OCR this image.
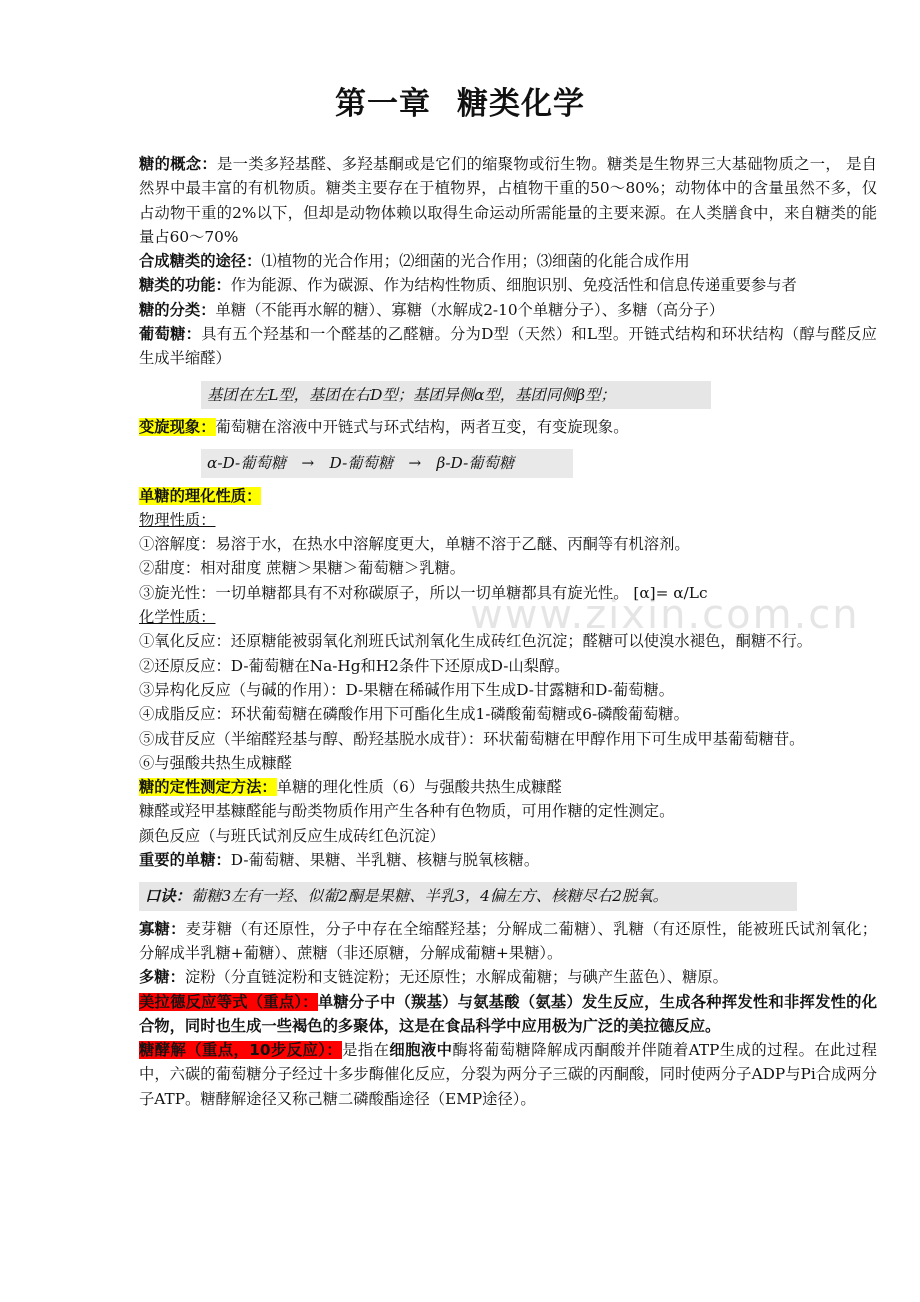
第一章 糖类化学
www.zixin.com.cn

糖的概念：是一类多羟基醛、多羟基酮或是它们的缩聚物或衍生物。糖类是生物界三大基础物质之一， 是自然界中最丰富的有机物质。糖类主要存在于植物界，占植物干重的50～80%；动物体中的含量虽然不多，仅占动物干重的2%以下，但却是动物体赖以取得生命运动所需能量的主要来源。在人类膳食中，来自糖类的能量占60～70%

合成糖类的途径：⑴植物的光合作用；⑵细菌的光合作用；⑶细菌的化能合成作用

糖类的功能：作为能源、作为碳源、作为结构性物质、细胞识别、免疫活性和信息传递重要参与者

糖的分类：单糖（不能再水解的糖）、寡糖（水解成2-10个单糖分子）、多糖（高分子）

葡萄糖：具有五个羟基和一个醛基的乙醛糖。分为D型（天然）和L型。开链式结构和环状结构（醇与醛反应生成半缩醛）

基团在左L型，基团在右D型；基团异侧α型，基团同侧β型；

变旋现象：葡萄糖在溶液中开链式与环式结构，两者互变，有变旋现象。

α-D-葡萄糖　→　D-葡萄糖　→　β-D-葡萄糖

单糖的理化性质：

物理性质：

①溶解度：易溶于水，在热水中溶解度更大，单糖不溶于乙醚、丙酮等有机溶剂。

②甜度：相对甜度 蔗糖＞果糖＞葡萄糖＞乳糖。

③旋光性：一切单糖都具有不对称碳原子，所以一切单糖都具有旋光性。 [α]= α/Lc

化学性质：

①氧化反应：还原糖能被弱氧化剂班氏试剂氧化生成砖红色沉淀；醛糖可以使溴水褪色，酮糖不行。

②还原反应：D-葡萄糖在Na-Hg和H2条件下还原成D-山梨醇。

③异构化反应（与碱的作用）：D-果糖在稀碱作用下生成D-甘露糖和D-葡萄糖。

④成脂反应：环状葡萄糖在磷酸作用下可酯化生成1-磷酸葡萄糖或6-磷酸葡萄糖。

⑤成苷反应（半缩醛羟基与醇、酚羟基脱水成苷）：环状葡萄糖在甲醇作用下可生成甲基葡萄糖苷。

⑥与强酸共热生成糠醛

糖的定性测定方法：单糖的理化性质（6）与强酸共热生成糠醛

糠醛或羟甲基糠醛能与酚类物质作用产生各种有色物质，可用作糖的定性测定。

颜色反应（与班氏试剂反应生成砖红色沉淀）

重要的单糖：D-葡萄糖、果糖、半乳糖、核糖与脱氧核糖。

口诀：葡糖3左有一羟、似葡2酮是果糖、半乳3，4偏左方、核糖尽右2脱氧。

寡糖：麦芽糖（有还原性，分子中存在全缩醛羟基；分解成二葡糖）、乳糖（有还原性，能被班氏试剂氧化；分解成半乳糖+葡糖）、蔗糖（非还原糖，分解成葡糖+果糖）。

多糖：淀粉（分直链淀粉和支链淀粉；无还原性；水解成葡糖；与碘产生蓝色）、糖原。

美拉德反应等式（重点）：单糖分子中（羰基）与氨基酸（氨基）发生反应，生成各种挥发性和非挥发性的化合物，同时也生成一些褐色的多聚体，这是在食品科学中应用极为广泛的美拉德反应。

糖酵解（重点，10步反应）：是指在细胞液中酶将葡萄糖降解成丙酮酸并伴随着ATP生成的过程。在此过程中，六碳的葡萄糖分子经过十多步酶催化反应，分裂为两分子三碳的丙酮酸，同时使两分子ADP与Pi合成两分子ATP。糖酵解途径又称己糖二磷酸酯途径（EMP途径）。
